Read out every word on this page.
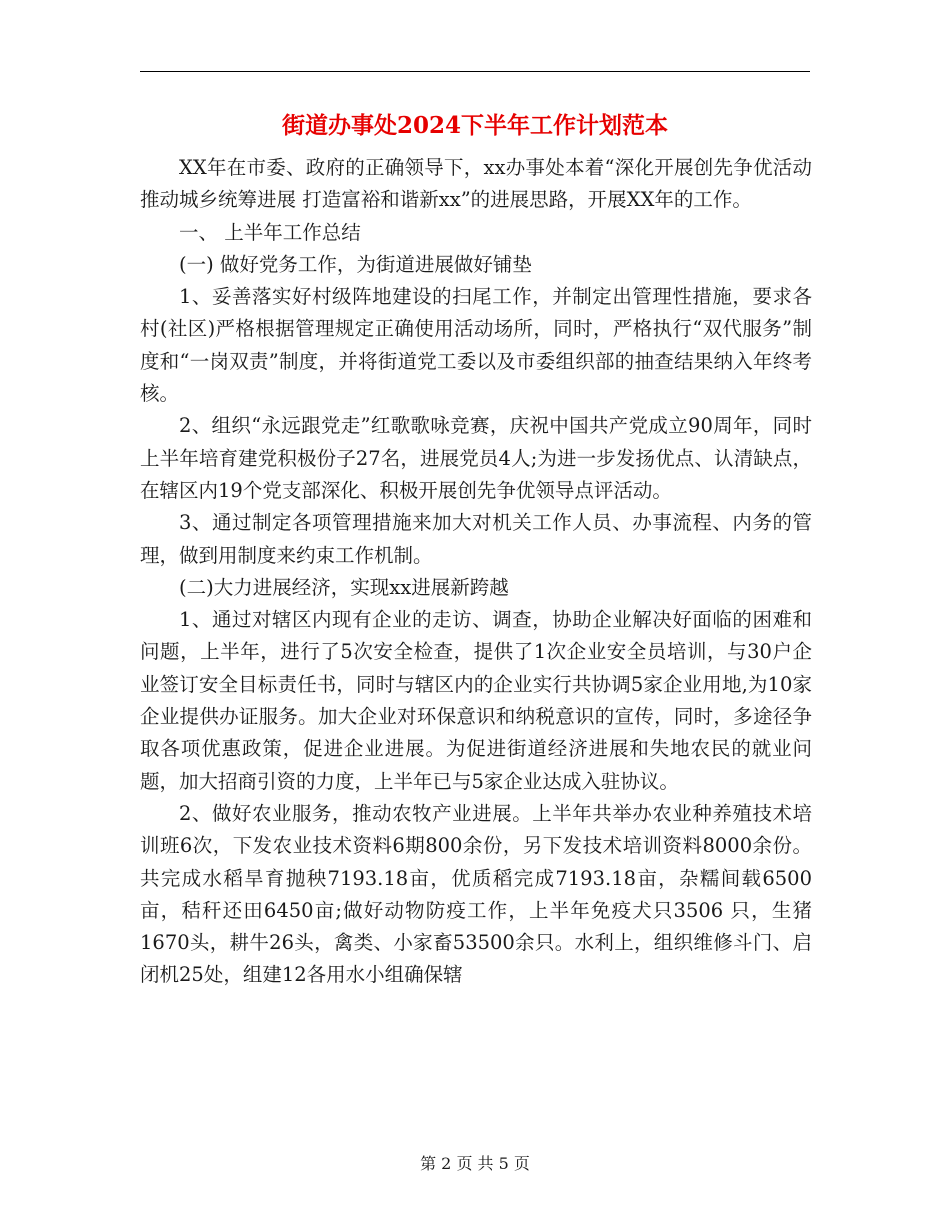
街道办事处2024下半年工作计划范本

XX年在市委、政府的正确领导下，xx办事处本着“深化开展创先争优活动 推动城乡统筹进展 打造富裕和谐新xx”的进展思路，开展XX年的工作。

一、 上半年工作总结

(一) 做好党务工作，为街道进展做好铺垫

1、妥善落实好村级阵地建设的扫尾工作，并制定出管理性措施，要求各村(社区)严格根据管理规定正确使用活动场所，同时，严格执行“双代服务”制度和“一岗双责”制度，并将街道党工委以及市委组织部的抽查结果纳入年终考核。

2、组织“永远跟党走”红歌歌咏竞赛，庆祝中国共产党成立90周年，同时上半年培育建党积极份子27名，进展党员4人;为进一步发扬优点、认清缺点，在辖区内19个党支部深化、积极开展创先争优领导点评活动。

3、通过制定各项管理措施来加大对机关工作人员、办事流程、内务的管理，做到用制度来约束工作机制。

(二)大力进展经济，实现xx进展新跨越

1、通过对辖区内现有企业的走访、调查，协助企业解决好面临的困难和问题，上半年，进行了5次安全检查，提供了1次企业安全员培训，与30户企业签订安全目标责任书，同时与辖区内的企业实行共协调5家企业用地,为10家企业提供办证服务。加大企业对环保意识和纳税意识的宣传，同时，多途径争取各项优惠政策，促进企业进展。为促进街道经济进展和失地农民的就业问题，加大招商引资的力度，上半年已与5家企业达成入驻协议。

2、做好农业服务，推动农牧产业进展。上半年共举办农业种养殖技术培训班6次，下发农业技术资料6期800余份，另下发技术培训资料8000余份。共完成水稻旱育抛秧7193.18亩，优质稻完成7193.18亩，杂糯间载6500亩，秸秆还田6450亩;做好动物防疫工作，上半年免疫犬只3506 只，生猪1670头，耕牛26头，禽类、小家畜53500余只。水利上，组织维修斗门、启闭机25处，组建12各用水小组确保辖

第 2 页 共 5 页
